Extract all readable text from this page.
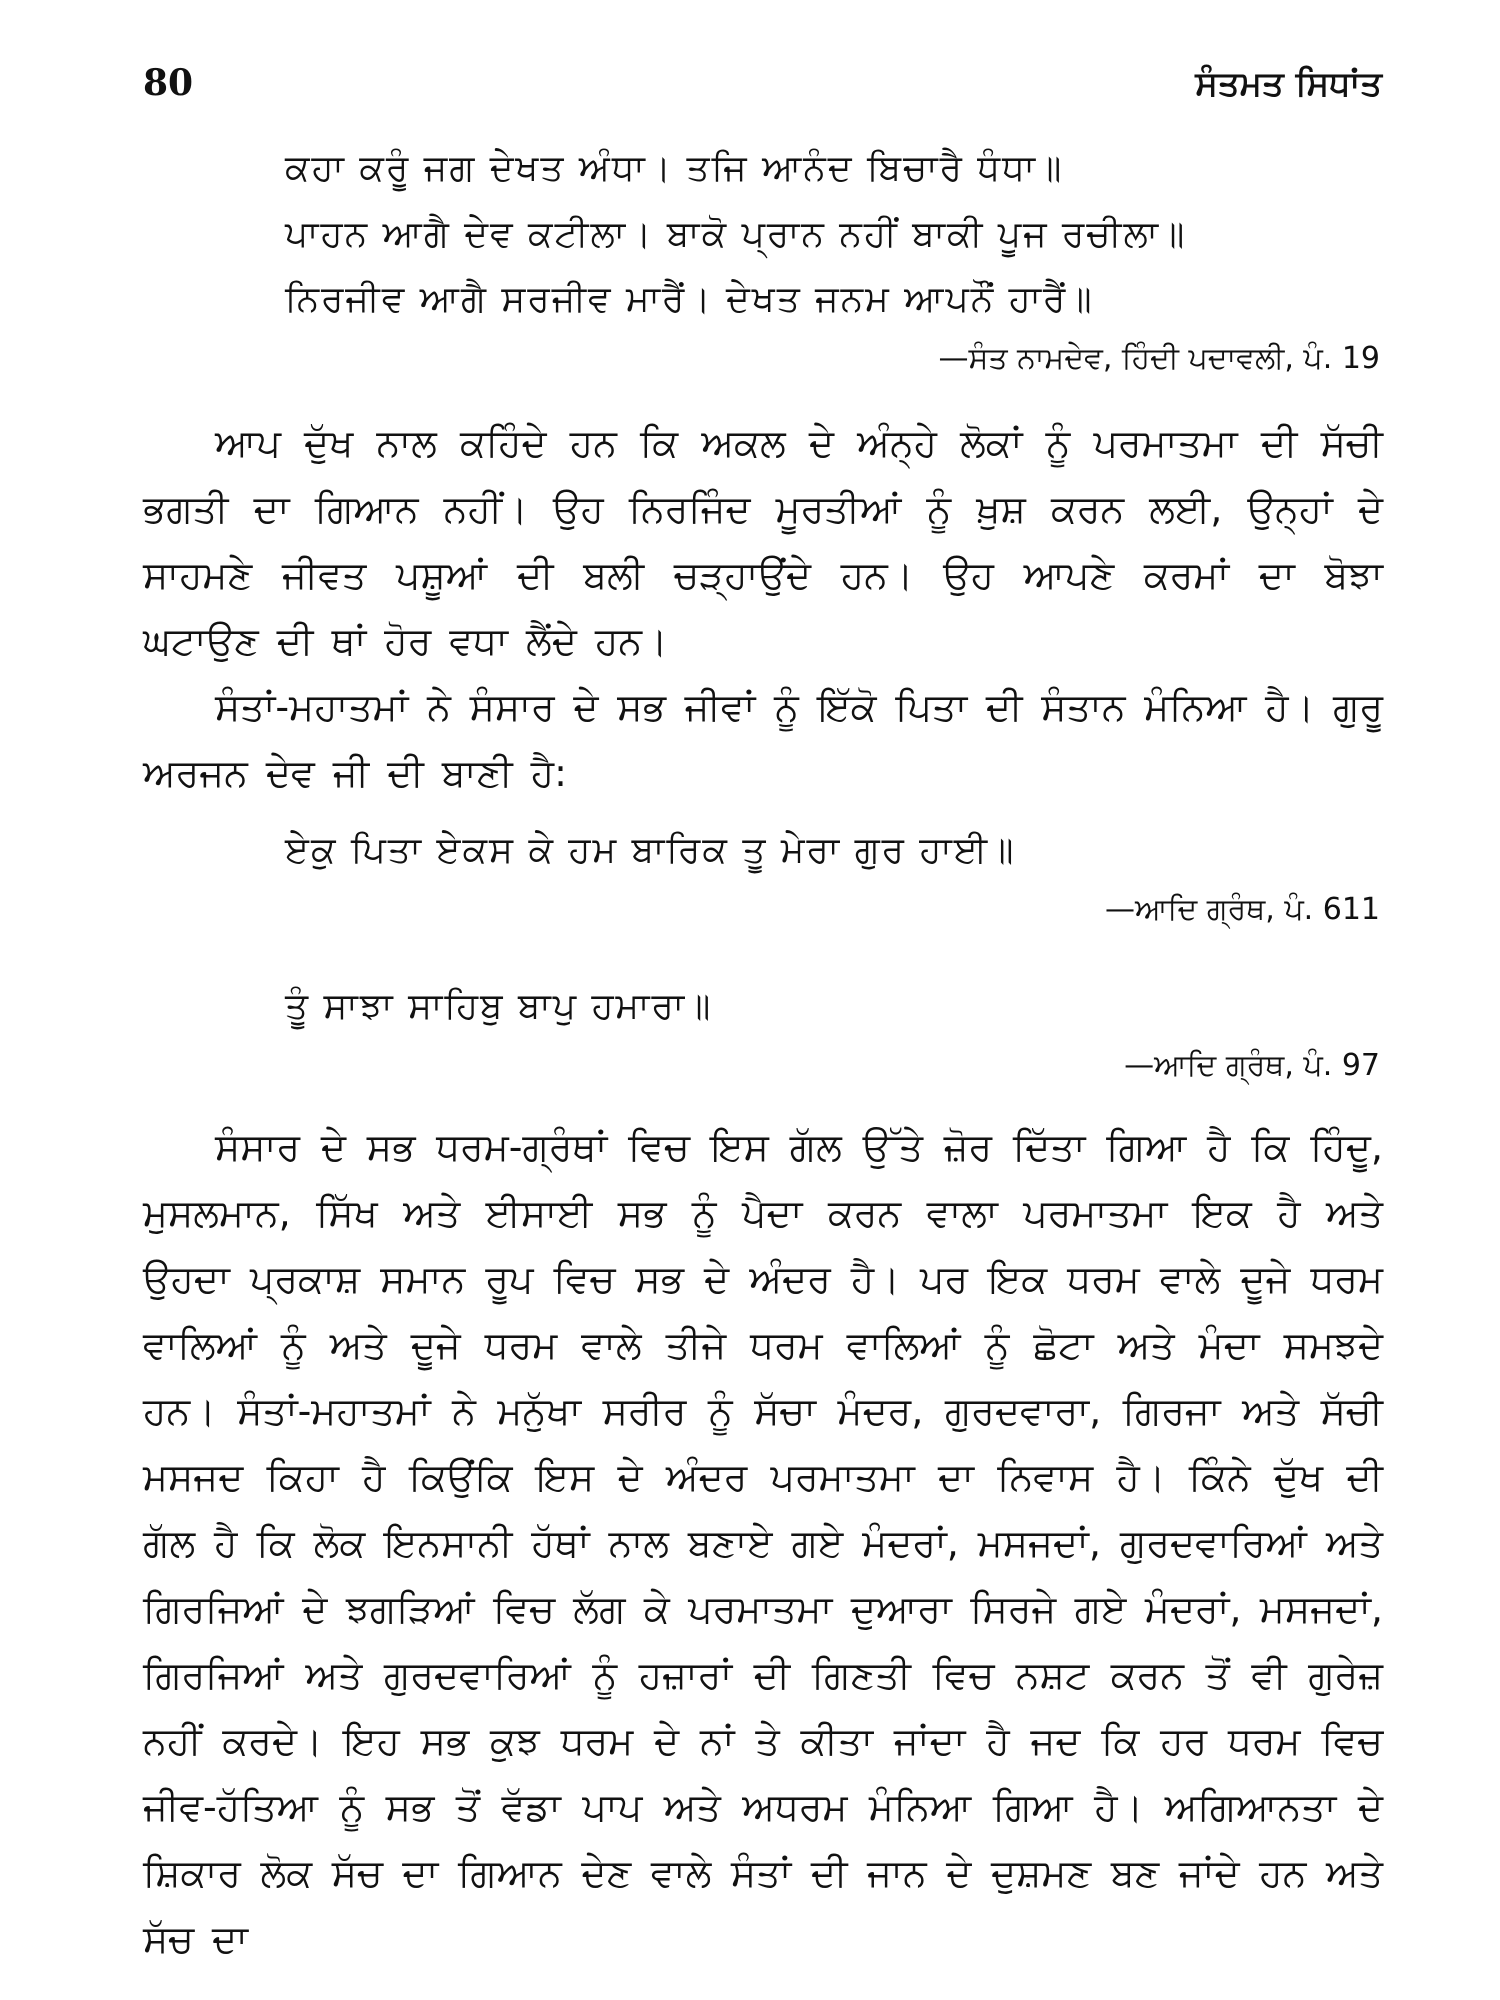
80	ਸੰਤਮਤ ਸਿਧਾਂਤ
ਕਹਾ ਕਰੂੰ ਜਗ ਦੇਖਤ ਅੰਧਾ। ਤਜਿ ਆਨੰਦ ਬਿਚਾਰੈ ਧੰਧਾ॥
ਪਾਹਨ ਆਗੈ ਦੇਵ ਕਟੀਲਾ। ਬਾਕੋ ਪ੍ਰਾਨ ਨਹੀਂ ਬਾਕੀ ਪੂਜ ਰਚੀਲਾ॥
ਨਿਰਜੀਵ ਆਗੈ ਸਰਜੀਵ ਮਾਰੈਂ। ਦੇਖਤ ਜਨਮ ਆਪਨੌਂ ਹਾਰੈਂ॥
—ਸੰਤ ਨਾਮਦੇਵ, ਹਿੰਦੀ ਪਦਾਵਲੀ, ਪੰ. 19

ਆਪ ਦੁੱਖ ਨਾਲ ਕਹਿੰਦੇ ਹਨ ਕਿ ਅਕਲ ਦੇ ਅੰਨ੍ਹੇ ਲੋਕਾਂ ਨੂੰ ਪਰਮਾਤਮਾ ਦੀ ਸੱਚੀ ਭਗਤੀ ਦਾ ਗਿਆਨ ਨਹੀਂ। ਉਹ ਨਿਰਜਿੰਦ ਮੂਰਤੀਆਂ ਨੂੰ ਖ਼ੁਸ਼ ਕਰਨ ਲਈ, ਉਨ੍ਹਾਂ ਦੇ ਸਾਹਮਣੇ ਜੀਵਤ ਪਸ਼ੂਆਂ ਦੀ ਬਲੀ ਚੜ੍ਹਾਉਂਦੇ ਹਨ। ਉਹ ਆਪਣੇ ਕਰਮਾਂ ਦਾ ਬੋਝਾ ਘਟਾਉਣ ਦੀ ਥਾਂ ਹੋਰ ਵਧਾ ਲੈਂਦੇ ਹਨ।

ਸੰਤਾਂ-ਮਹਾਤਮਾਂ ਨੇ ਸੰਸਾਰ ਦੇ ਸਭ ਜੀਵਾਂ ਨੂੰ ਇੱਕੋ ਪਿਤਾ ਦੀ ਸੰਤਾਨ ਮੰਨਿਆ ਹੈ। ਗੁਰੂ ਅਰਜਨ ਦੇਵ ਜੀ ਦੀ ਬਾਣੀ ਹੈ:

ਏਕੁ ਪਿਤਾ ਏਕਸ ਕੇ ਹਮ ਬਾਰਿਕ ਤੂ ਮੇਰਾ ਗੁਰ ਹਾਈ॥
—ਆਦਿ ਗ੍ਰੰਥ, ਪੰ. 611
ਤੂੰ ਸਾਝਾ ਸਾਹਿਬੁ ਬਾਪੁ ਹਮਾਰਾ॥
—ਆਦਿ ਗ੍ਰੰਥ, ਪੰ. 97

ਸੰਸਾਰ ਦੇ ਸਭ ਧਰਮ-ਗ੍ਰੰਥਾਂ ਵਿਚ ਇਸ ਗੱਲ ਉੱਤੇ ਜ਼ੋਰ ਦਿੱਤਾ ਗਿਆ ਹੈ ਕਿ ਹਿੰਦੂ, ਮੁਸਲਮਾਨ, ਸਿੱਖ ਅਤੇ ਈਸਾਈ ਸਭ ਨੂੰ ਪੈਦਾ ਕਰਨ ਵਾਲਾ ਪਰਮਾਤਮਾ ਇਕ ਹੈ ਅਤੇ ਉਹਦਾ ਪ੍ਰਕਾਸ਼ ਸਮਾਨ ਰੂਪ ਵਿਚ ਸਭ ਦੇ ਅੰਦਰ ਹੈ। ਪਰ ਇਕ ਧਰਮ ਵਾਲੇ ਦੂਜੇ ਧਰਮ ਵਾਲਿਆਂ ਨੂੰ ਅਤੇ ਦੂਜੇ ਧਰਮ ਵਾਲੇ ਤੀਜੇ ਧਰਮ ਵਾਲਿਆਂ ਨੂੰ ਛੋਟਾ ਅਤੇ ਮੰਦਾ ਸਮਝਦੇ ਹਨ। ਸੰਤਾਂ-ਮਹਾਤਮਾਂ ਨੇ ਮਨੁੱਖਾ ਸਰੀਰ ਨੂੰ ਸੱਚਾ ਮੰਦਰ, ਗੁਰਦਵਾਰਾ, ਗਿਰਜਾ ਅਤੇ ਸੱਚੀ ਮਸਜਦ ਕਿਹਾ ਹੈ ਕਿਉਂਕਿ ਇਸ ਦੇ ਅੰਦਰ ਪਰਮਾਤਮਾ ਦਾ ਨਿਵਾਸ ਹੈ। ਕਿੰਨੇ ਦੁੱਖ ਦੀ ਗੱਲ ਹੈ ਕਿ ਲੋਕ ਇਨਸਾਨੀ ਹੱਥਾਂ ਨਾਲ ਬਣਾਏ ਗਏ ਮੰਦਰਾਂ, ਮਸਜਦਾਂ, ਗੁਰਦਵਾਰਿਆਂ ਅਤੇ ਗਿਰਜਿਆਂ ਦੇ ਝਗੜਿਆਂ ਵਿਚ ਲੱਗ ਕੇ ਪਰਮਾਤਮਾ ਦੁਆਰਾ ਸਿਰਜੇ ਗਏ ਮੰਦਰਾਂ, ਮਸਜਦਾਂ, ਗਿਰਜਿਆਂ ਅਤੇ ਗੁਰਦਵਾਰਿਆਂ ਨੂੰ ਹਜ਼ਾਰਾਂ ਦੀ ਗਿਣਤੀ ਵਿਚ ਨਸ਼ਟ ਕਰਨ ਤੋਂ ਵੀ ਗੁਰੇਜ਼ ਨਹੀਂ ਕਰਦੇ। ਇਹ ਸਭ ਕੁਝ ਧਰਮ ਦੇ ਨਾਂ ਤੇ ਕੀਤਾ ਜਾਂਦਾ ਹੈ ਜਦ ਕਿ ਹਰ ਧਰਮ ਵਿਚ ਜੀਵ-ਹੱਤਿਆ ਨੂੰ ਸਭ ਤੋਂ ਵੱਡਾ ਪਾਪ ਅਤੇ ਅਧਰਮ ਮੰਨਿਆ ਗਿਆ ਹੈ। ਅਗਿਆਨਤਾ ਦੇ ਸ਼ਿਕਾਰ ਲੋਕ ਸੱਚ ਦਾ ਗਿਆਨ ਦੇਣ ਵਾਲੇ ਸੰਤਾਂ ਦੀ ਜਾਨ ਦੇ ਦੁਸ਼ਮਣ ਬਣ ਜਾਂਦੇ ਹਨ ਅਤੇ ਸੱਚ ਦਾ
